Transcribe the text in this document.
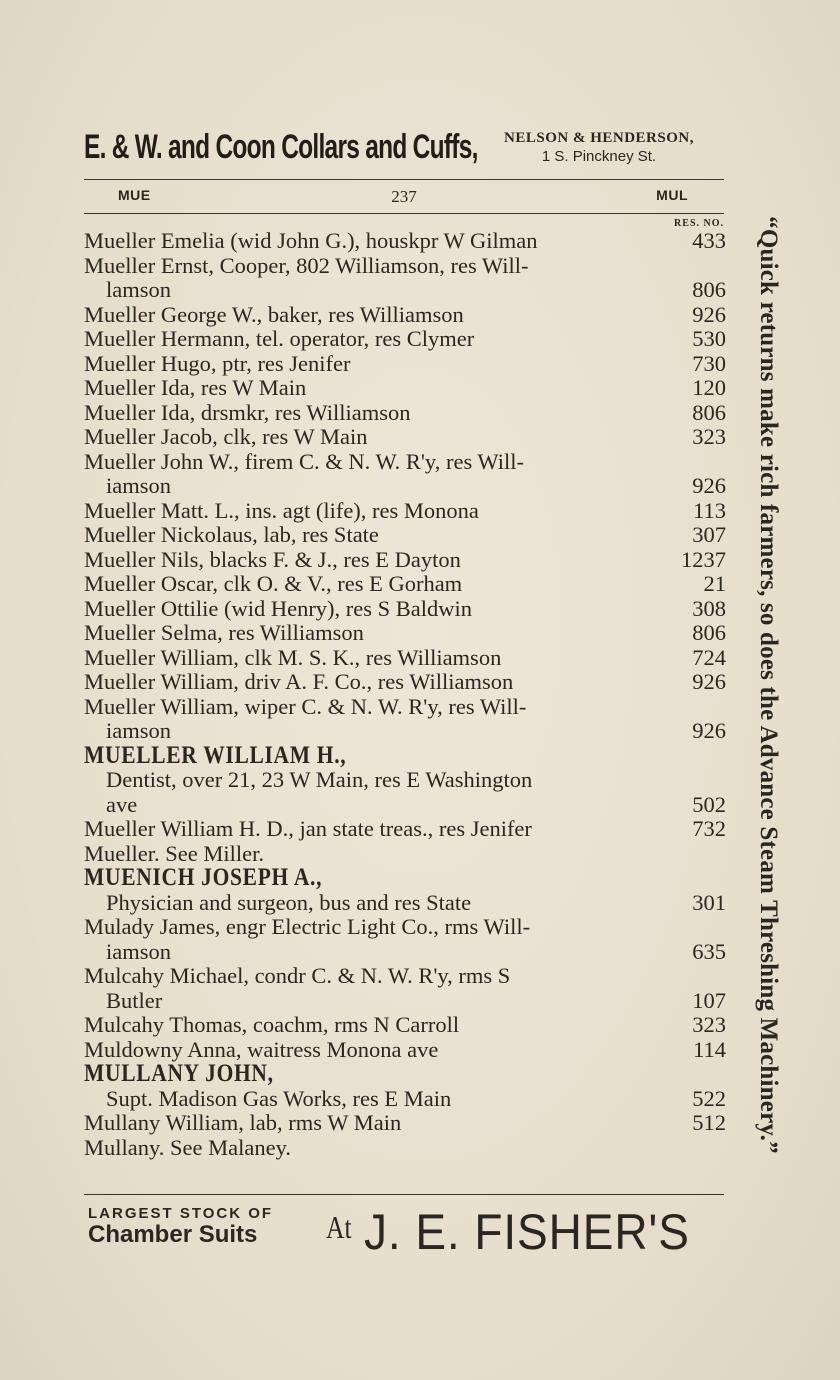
E. & W. and Coon Collars and Cuffs,	NELSON & HENDERSON,
1 S. Pinckney St.
MUE	237	MUL
RES. NO.
Mueller Emelia (wid John G.), houskpr W Gilman	433
Mueller Ernst, Cooper, 802 Williamson, res Will-
lamson	806
Mueller George W., baker, res Williamson	926
Mueller Hermann, tel. operator, res Clymer	530
Mueller Hugo, ptr, res Jenifer	730
Mueller Ida, res W Main	120
Mueller Ida, drsmkr, res Williamson	806
Mueller Jacob, clk, res W Main	323
Mueller John W., firem C. & N. W. R'y, res Will-
iamson	926
Mueller Matt. L., ins. agt (life), res Monona	113
Mueller Nickolaus, lab, res State	307
Mueller Nils, blacks F. & J., res E Dayton	1237
Mueller Oscar, clk O. & V., res E Gorham	21
Mueller Ottilie (wid Henry), res S Baldwin	308
Mueller Selma, res Williamson	806
Mueller William, clk M. S. K., res Williamson	724
Mueller William, driv A. F. Co., res Williamson	926
Mueller William, wiper C. & N. W. R'y, res Will-
iamson	926
MUELLER WILLIAM H.,
Dentist, over 21, 23 W Main, res E Washington
ave	502
Mueller William H. D., jan state treas., res Jenifer	732
Mueller. See Miller.
MUENICH JOSEPH A.,
Physician and surgeon, bus and res State	301
Mulady James, engr Electric Light Co., rms Will-
iamson	635
Mulcahy Michael, condr C. & N. W. R'y, rms S
Butler	107
Mulcahy Thomas, coachm, rms N Carroll	323
Muldowny Anna, waitress Monona ave	114
MULLANY JOHN,
Supt. Madison Gas Works, res E Main	522
Mullany William, lab, rms W Main	512
Mullany. See Malaney.
LARGEST STOCK OF
Chamber Suits	At J. E. FISHER'S
“Quick returns make rich farmers, so does the Advance Steam Threshing Machinery.”
